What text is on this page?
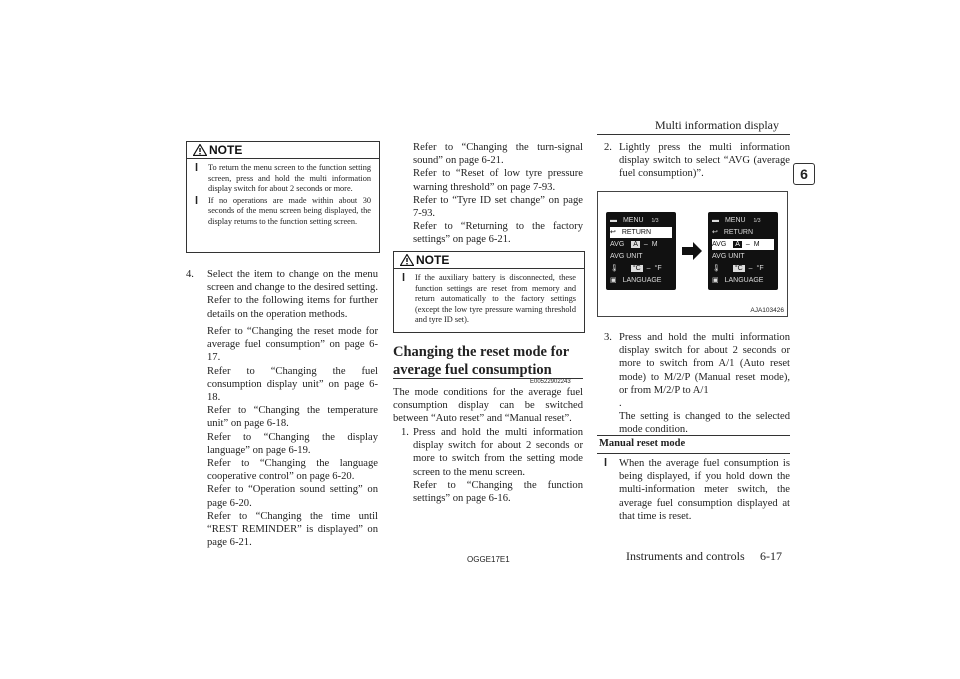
Multi information display
6
NOTE
l To return the menu screen to the function setting screen, press and hold the multi information display switch for about 2 seconds or more.
l If no operations are made within about 30 seconds of the menu screen being displayed, the display returns to the function setting screen.
4. Select the item to change on the menu screen and change to the desired setting. Refer to the following items for further details on the operation methods.
Refer to “Changing the reset mode for average fuel consumption” on page 6-17.
Refer to “Changing the fuel consumption display unit” on page 6-18.
Refer to “Changing the temperature unit” on page 6-18.
Refer to “Changing the display language” on page 6-19.
Refer to “Changing the language cooperative control” on page 6-20.
Refer to “Operation sound setting” on page 6-20.
Refer to “Changing the time until “REST REMINDER” is displayed” on page 6-21.
Refer to “Changing the turn-signal sound” on page 6-21.
Refer to “Reset of low tyre pressure warning threshold” on page 7-93.
Refer to “Tyre ID set change” on page 7-93.
Refer to “Returning to the factory settings” on page 6-21.
NOTE
l If the auxiliary battery is disconnected, these function settings are reset from memory and return automatically to the factory settings (except the low tyre pressure warning threshold and tyre ID set).
Changing the reset mode for average fuel consumption
E00522902243
The mode conditions for the average fuel consumption display can be switched between “Auto reset” and “Manual reset”.
1. Press and hold the multi information display switch for about 2 seconds or more to switch from the setting mode screen to the menu screen.
Refer to “Changing the function settings” on page 6-16.
2. Lightly press the multi information display switch to select “AVG (average fuel consumption)”.
▬ MENU 1/3
↩ RETURN
AVG A – M
AVG UNIT
🌡 °C – °F
▣ LANGUAGE
▬ MENU 1/3
↩ RETURN
AVG A – M
AVG UNIT
🌡 °C – °F
▣ LANGUAGE
AJA103426
3. Press and hold the multi information display switch for about 2 seconds or more to switch from A/1 (Auto reset mode) to M/2/P (Manual reset mode), or from M/2/P to A/1
.
The setting is changed to the selected mode condition.
Manual reset mode
l When the average fuel consumption is being displayed, if you hold down the multi-information meter switch, the average fuel consumption displayed at that time is reset.
OGGE17E1	Instruments and controls 6-17
